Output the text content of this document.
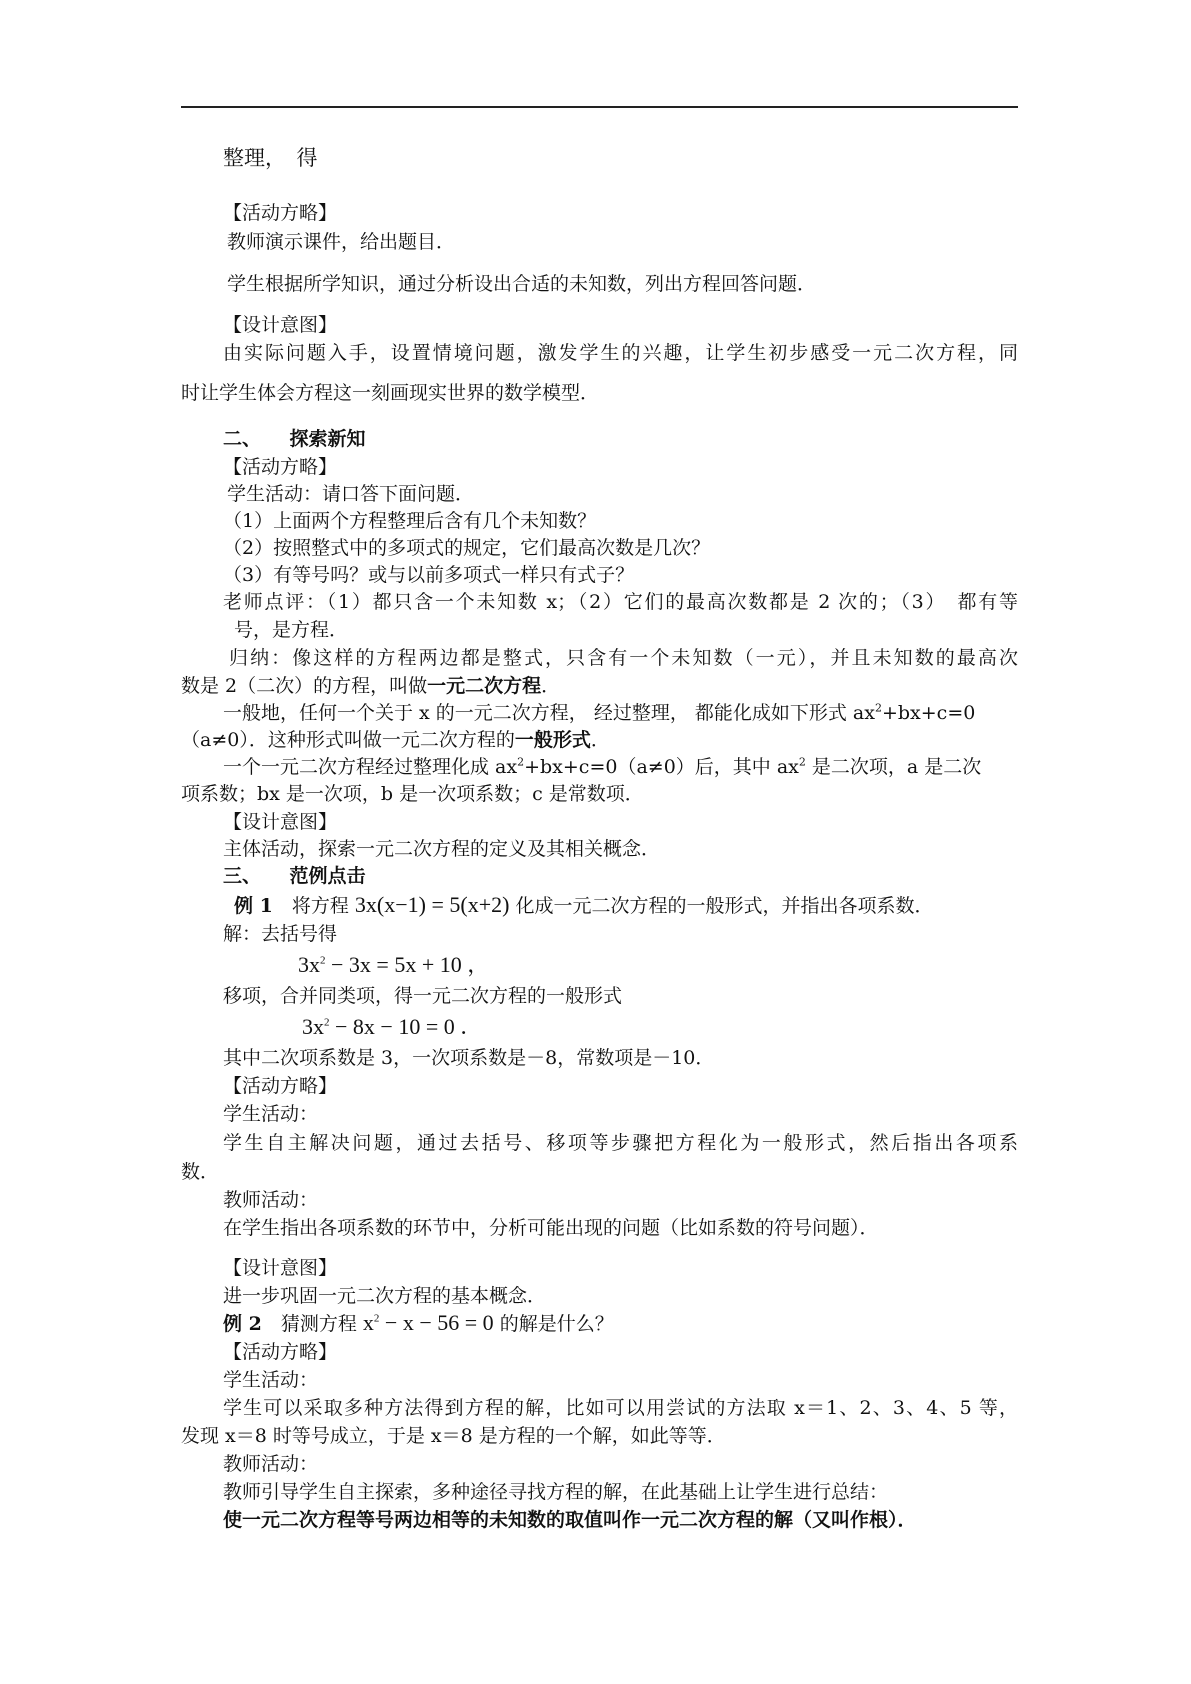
整理，　得
【活动方略】
教师演示课件，给出题目．
学生根据所学知识，通过分析设出合适的未知数，列出方程回答问题．
【设计意图】
由实际问题入手，设置情境问题，激发学生的兴趣，让学生初步感受一元二次方程，同
时让学生体会方程这一刻画现实世界的数学模型．
二、　　探索新知
【活动方略】
学生活动：请口答下面问题．
（1）上面两个方程整理后含有几个未知数？
（2）按照整式中的多项式的规定，它们最高次数是几次？
（3）有等号吗？或与以前多项式一样只有式子？
老师点评：（1）都只含一个未知数 x；（2）它们的最高次数都是 2 次的；（3）　都有等
号，是方程．
归纳：像这样的方程两边都是整式，只含有一个未知数（一元），并且未知数的最高次
数是 2（二次）的方程，叫做一元二次方程．
一般地，任何一个关于 x 的一元二次方程， 经过整理， 都能化成如下形式 $ax^2+bx+c=0$
（a≠0）．这种形式叫做一元二次方程的一般形式．
一个一元二次方程经过整理化成 $ax^2+bx+c=0(a\ne 0)$后，其中 $ax^2$ 是二次项，a 是二次
项系数；bx 是一次项，b 是一次项系数；c 是常数项．
【设计意图】
主体活动，探索一元二次方程的定义及其相关概念．
三、　　范例点击
例 1　将方程 3x(x−1) = 5(x+2) 化成一元二次方程的一般形式，并指出各项系数．
解：去括号得
$3x^2 - 3x = 5x + 10$ ，
移项，合并同类项，得一元二次方程的一般形式
$3x^2 - 8x - 10 = 0$ ．
其中二次项系数是 3，一次项系数是－8，常数项是－10．
【活动方略】
学生活动：
学生自主解决问题，通过去括号、移项等步骤把方程化为一般形式，然后指出各项系
数．
教师活动：
在学生指出各项系数的环节中，分析可能出现的问题（比如系数的符号问题）．
【设计意图】
进一步巩固一元二次方程的基本概念．
例 2　猜测方程 $x^2 - x - 56 = 0$ 的解是什么？
【活动方略】
学生活动：
学生可以采取多种方法得到方程的解，比如可以用尝试的方法取 x＝1、2、3、4、5 等，
发现 x＝8 时等号成立，于是 x＝8 是方程的一个解，如此等等．
教师活动：
教师引导学生自主探索，多种途径寻找方程的解，在此基础上让学生进行总结：
使一元二次方程等号两边相等的未知数的取值叫作一元二次方程的解（又叫作根）．
